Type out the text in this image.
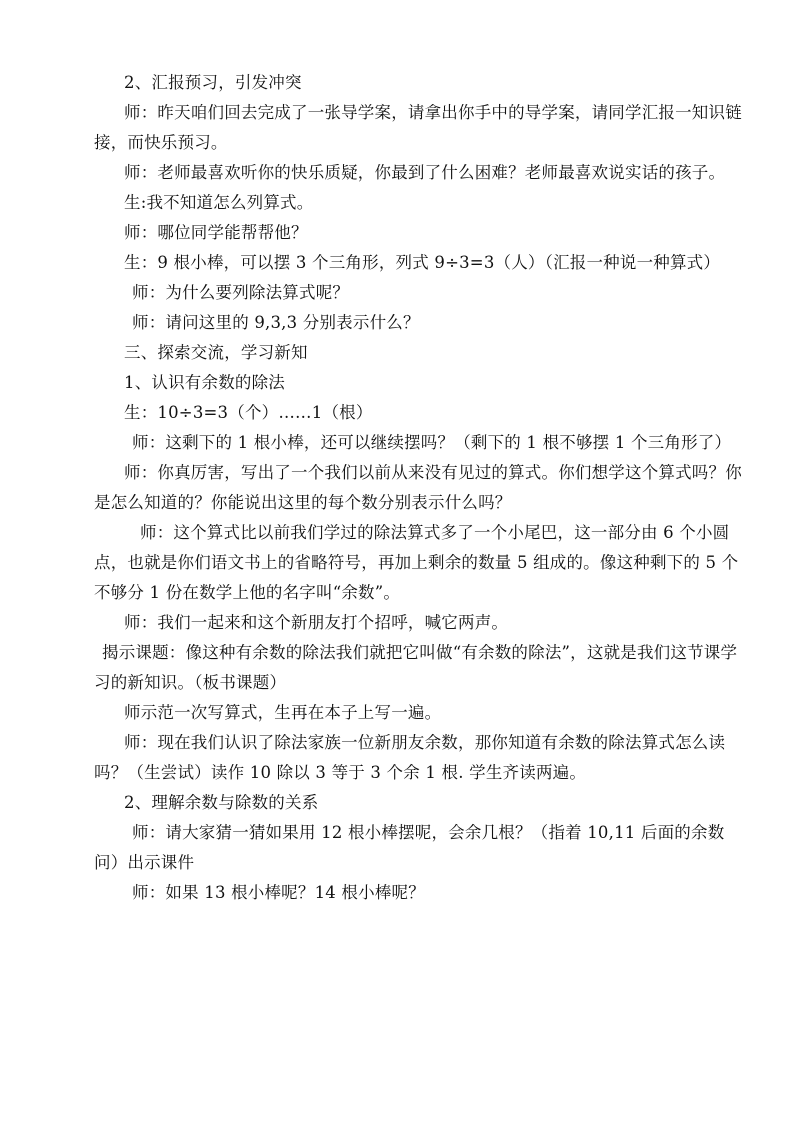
2、汇报预习，引发冲突

师：昨天咱们回去完成了一张导学案，请拿出你手中的导学案，请同学汇报一知识链接，而快乐预习。

师：老师最喜欢听你的快乐质疑，你最到了什么困难？老师最喜欢说实话的孩子。

生:我不知道怎么列算式。

师：哪位同学能帮帮他？

生：9 根小棒，可以摆 3 个三角形，列式 9÷3=3（人）（汇报一种说一种算式）

师：为什么要列除法算式呢？

师：请问这里的 9,3,3 分别表示什么？

三、探索交流，学习新知

1、认识有余数的除法

生：10÷3=3（个）……1（根）

师：这剩下的 1 根小棒，还可以继续摆吗？（剩下的 1 根不够摆 1 个三角形了）

师：你真厉害，写出了一个我们以前从来没有见过的算式。你们想学这个算式吗？你是怎么知道的？你能说出这里的每个数分别表示什么吗？

师：这个算式比以前我们学过的除法算式多了一个小尾巴，这一部分由 6 个小圆点，也就是你们语文书上的省略符号，再加上剩余的数量 5 组成的。像这种剩下的 5 个不够分 1 份在数学上他的名字叫“余数”。

师：我们一起来和这个新朋友打个招呼，喊它两声。

揭示课题：像这种有余数的除法我们就把它叫做“有余数的除法”，这就是我们这节课学习的新知识。（板书课题）

师示范一次写算式，生再在本子上写一遍。

师：现在我们认识了除法家族一位新朋友余数，那你知道有余数的除法算式怎么读吗？（生尝试）读作 10 除以 3 等于 3 个余 1 根. 学生齐读两遍。

2、理解余数与除数的关系

师：请大家猜一猜如果用 12 根小棒摆呢，会余几根？（指着 10,11 后面的余数问）出示课件

师：如果 13 根小棒呢？14 根小棒呢？
